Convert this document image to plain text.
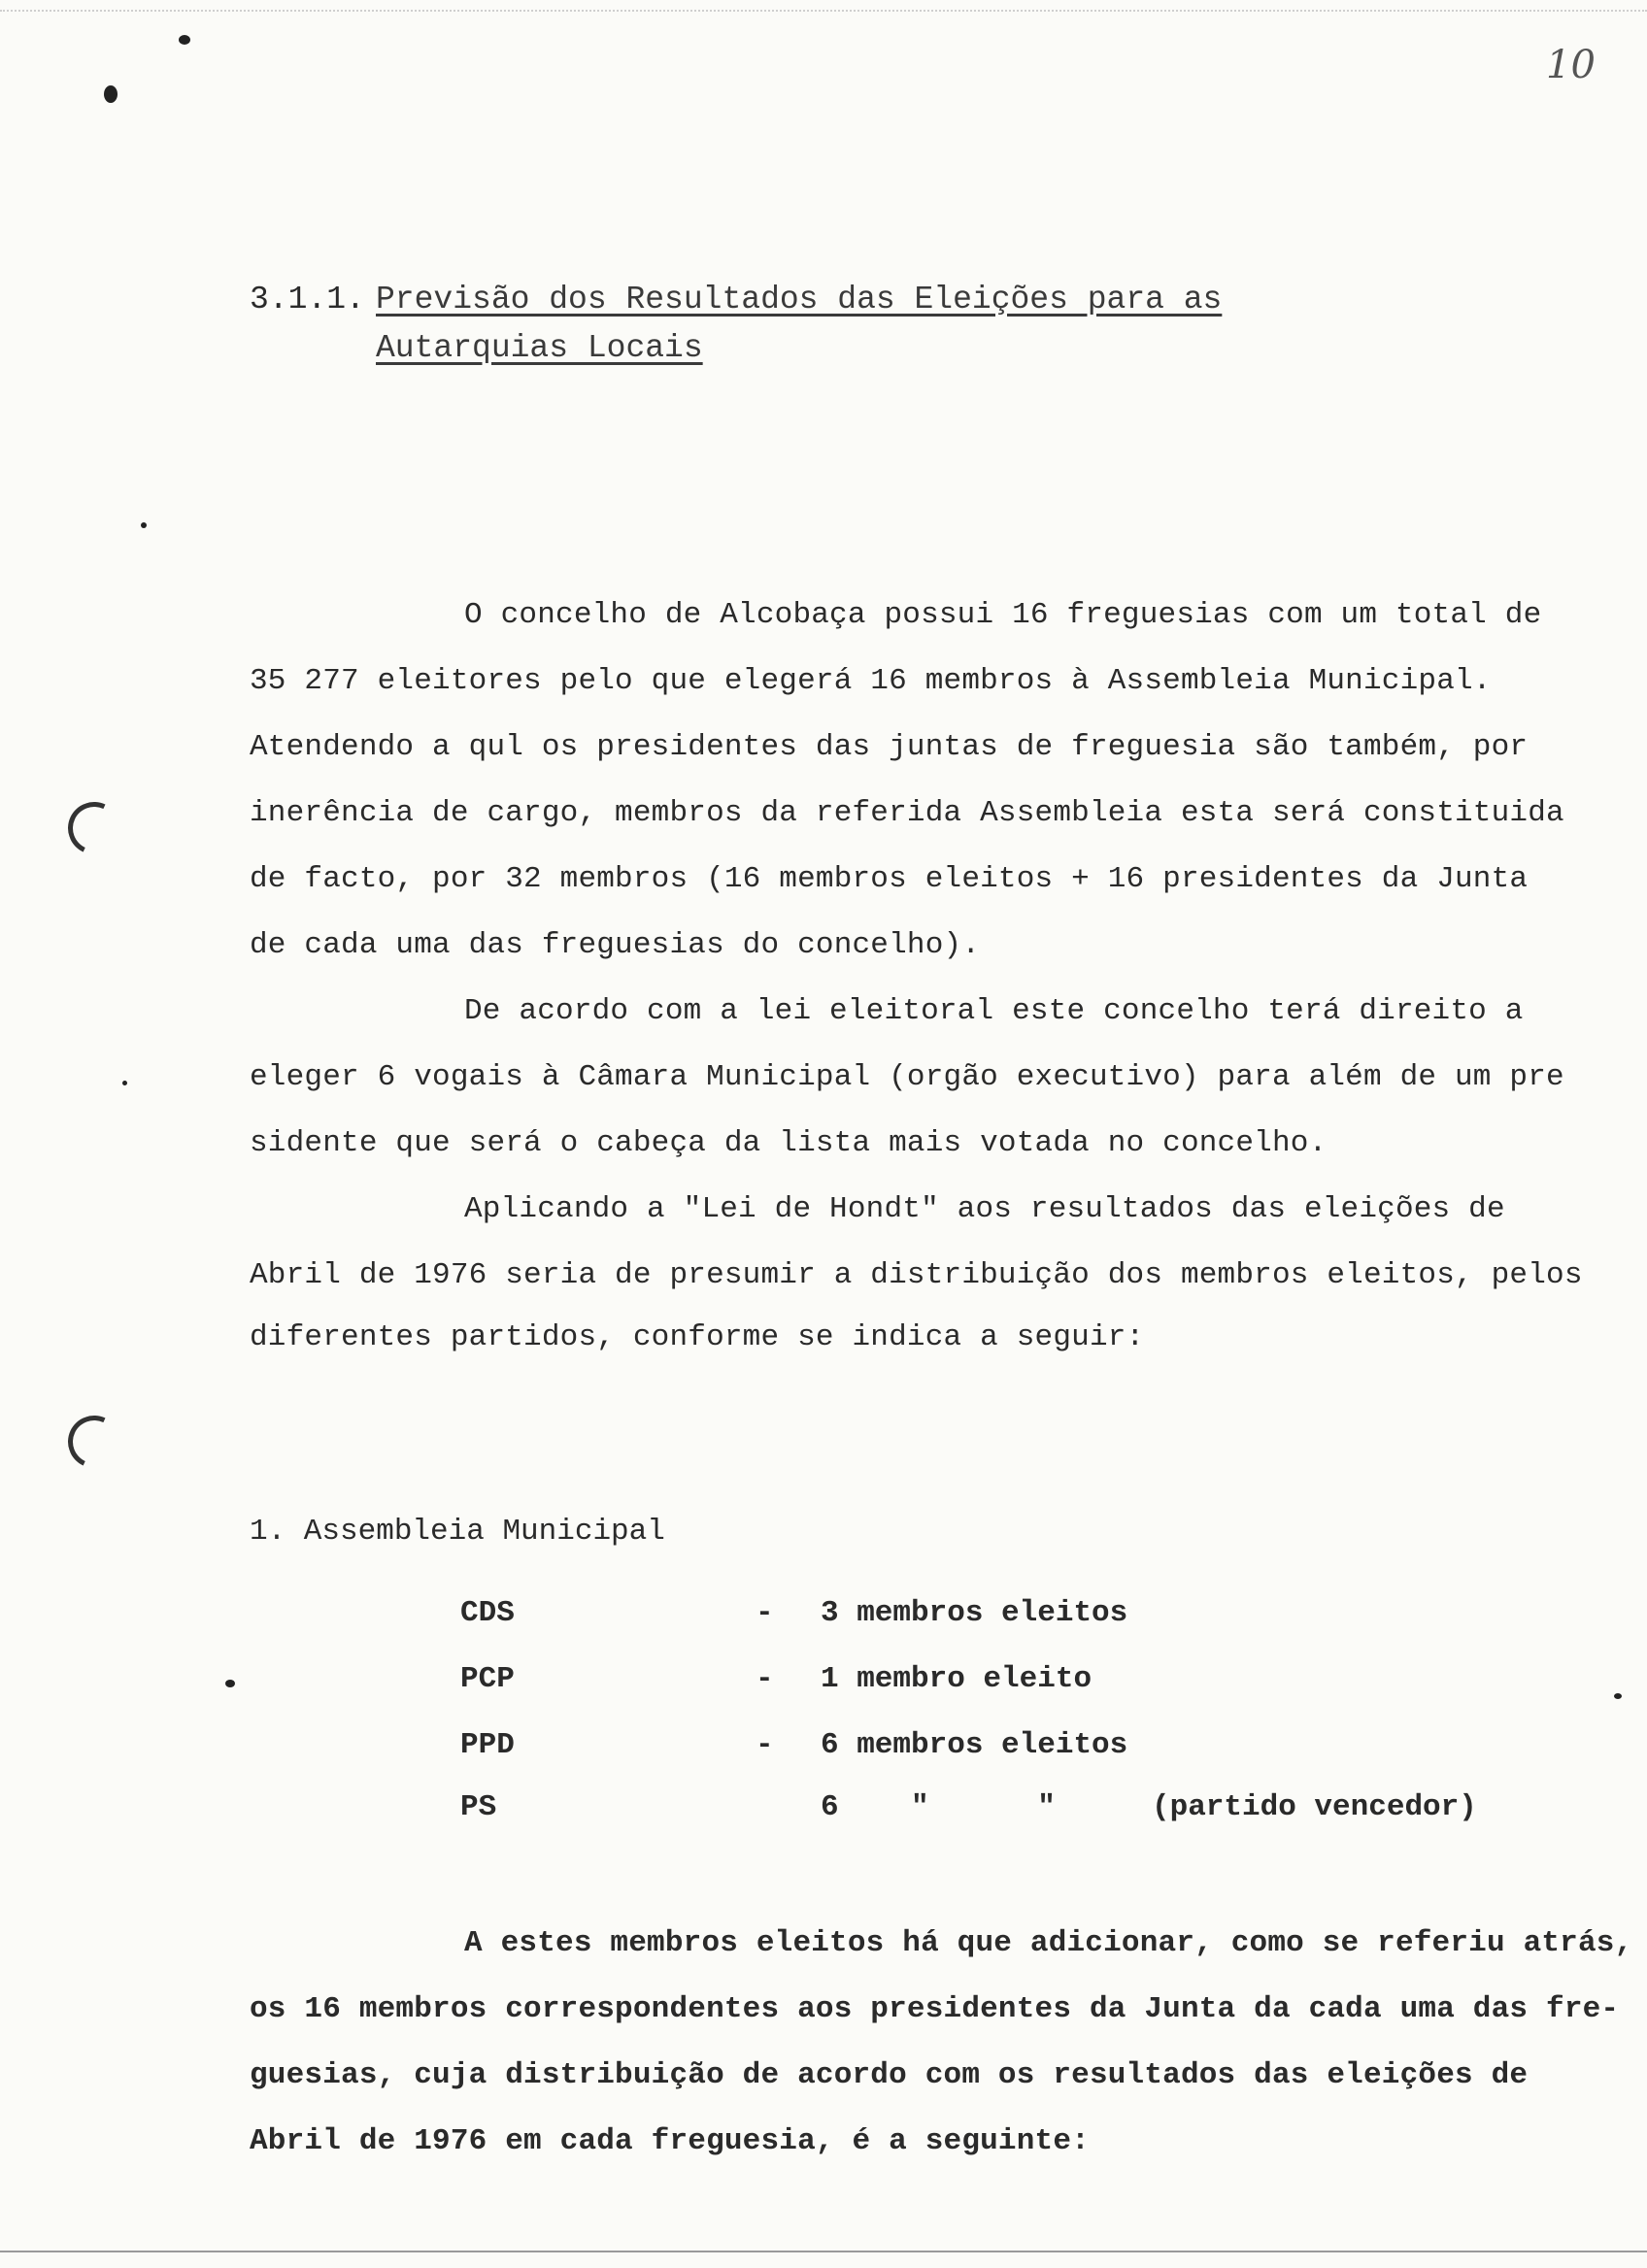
10
3.1.1. Previsão dos Resultados das Eleições para as
Autarquias Locais
O concelho de Alcobaça possui 16 freguesias com um total de
35 277 eleitores pelo que elegerá 16 membros à Assembleia Municipal.
Atendendo a qul os presidentes das juntas de freguesia são também, por
inerência de cargo, membros da referida Assembleia esta será constituida
de facto, por 32 membros (16 membros eleitos + 16 presidentes da Junta
de cada uma das freguesias do concelho).
De acordo com a lei eleitoral este concelho terá direito a
eleger 6 vogais à Câmara Municipal (orgão executivo) para além de um pre
sidente que será o cabeça da lista mais votada no concelho.
Aplicando a "Lei de Hondt" aos resultados das eleições de
Abril de 1976 seria de presumir a distribuição dos membros eleitos, pelos
diferentes partidos, conforme se indica a seguir:
1. Assembleia Municipal
CDS	- 3 membros eleitos
PCP	- 1 membro eleito
PPD	- 6 membros eleitos
PS	6    "      "	(partido vencedor)
A estes membros eleitos há que adicionar, como se referiu atrás,
os 16 membros correspondentes aos presidentes da Junta da cada uma das fre-
guesias, cuja distribuição de acordo com os resultados das eleições de
Abril de 1976 em cada freguesia, é a seguinte:
